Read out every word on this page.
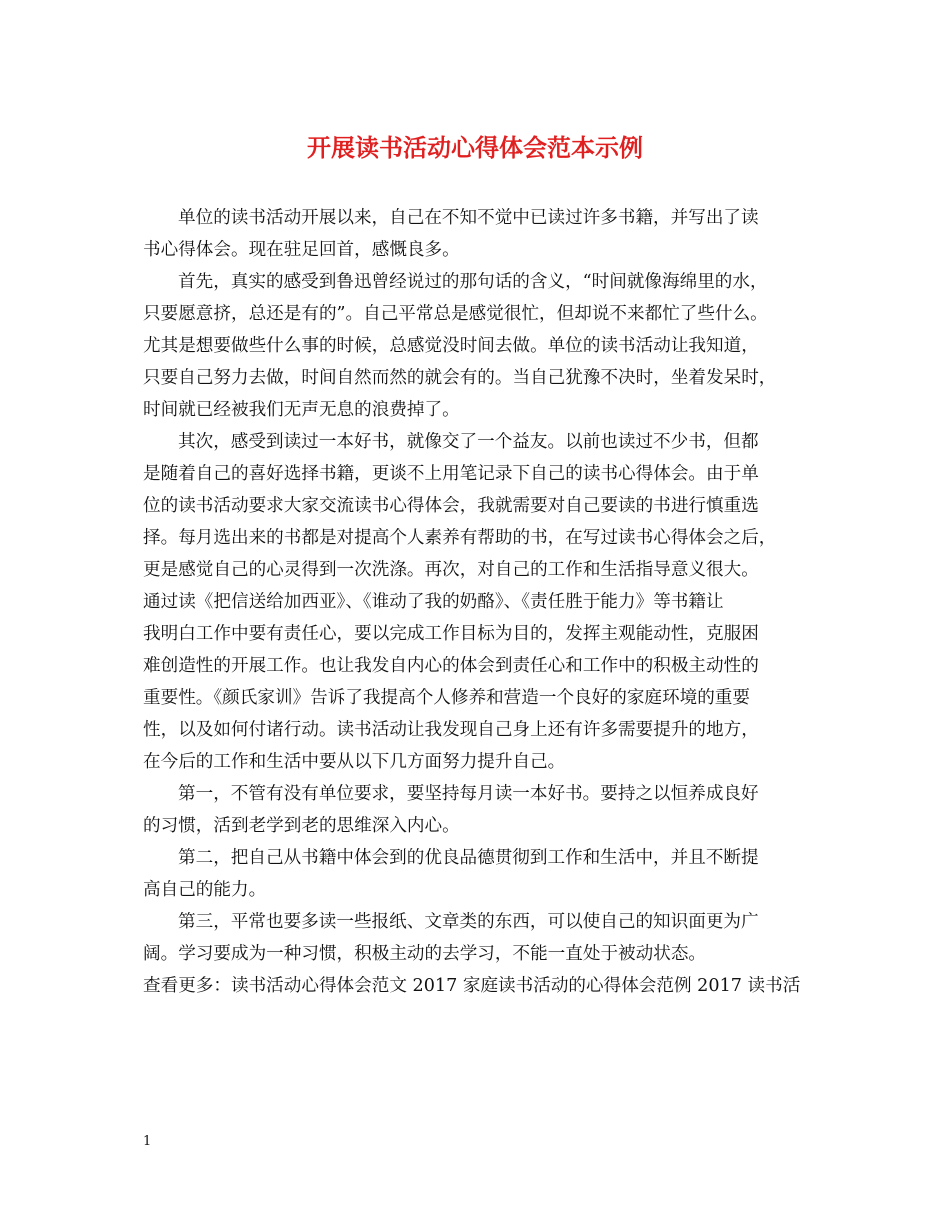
开展读书活动心得体会范本示例
单位的读书活动开展以来，自己在不知不觉中已读过许多书籍，并写出了读
书心得体会。现在驻足回首，感慨良多。
首先，真实的感受到鲁迅曾经说过的那句话的含义，“时间就像海绵里的水，
只要愿意挤，总还是有的”。自己平常总是感觉很忙，但却说不来都忙了些什么。
尤其是想要做些什么事的时候，总感觉没时间去做。单位的读书活动让我知道，
只要自己努力去做，时间自然而然的就会有的。当自己犹豫不决时，坐着发呆时，
时间就已经被我们无声无息的浪费掉了。
其次，感受到读过一本好书，就像交了一个益友。以前也读过不少书，但都
是随着自己的喜好选择书籍，更谈不上用笔记录下自己的读书心得体会。由于单
位的读书活动要求大家交流读书心得体会，我就需要对自己要读的书进行慎重选
择。每月选出来的书都是对提高个人素养有帮助的书，在写过读书心得体会之后，
更是感觉自己的心灵得到一次洗涤。再次，对自己的工作和生活指导意义很大。
通过读《把信送给加西亚》、《谁动了我的奶酪》、《责任胜于能力》等书籍让
我明白工作中要有责任心，要以完成工作目标为目的，发挥主观能动性，克服困
难创造性的开展工作。也让我发自内心的体会到责任心和工作中的积极主动性的
重要性。《颜氏家训》告诉了我提高个人修养和营造一个良好的家庭环境的重要
性，以及如何付诸行动。读书活动让我发现自己身上还有许多需要提升的地方，
在今后的工作和生活中要从以下几方面努力提升自己。
第一，不管有没有单位要求，要坚持每月读一本好书。要持之以恒养成良好
的习惯，活到老学到老的思维深入内心。
第二，把自己从书籍中体会到的优良品德贯彻到工作和生活中，并且不断提
高自己的能力。
第三，平常也要多读一些报纸、文章类的东西，可以使自己的知识面更为广
阔。学习要成为一种习惯，积极主动的去学习，不能一直处于被动状态。
查看更多：读书活动心得体会范文 2017 家庭读书活动的心得体会范例 2017 读书活
1
